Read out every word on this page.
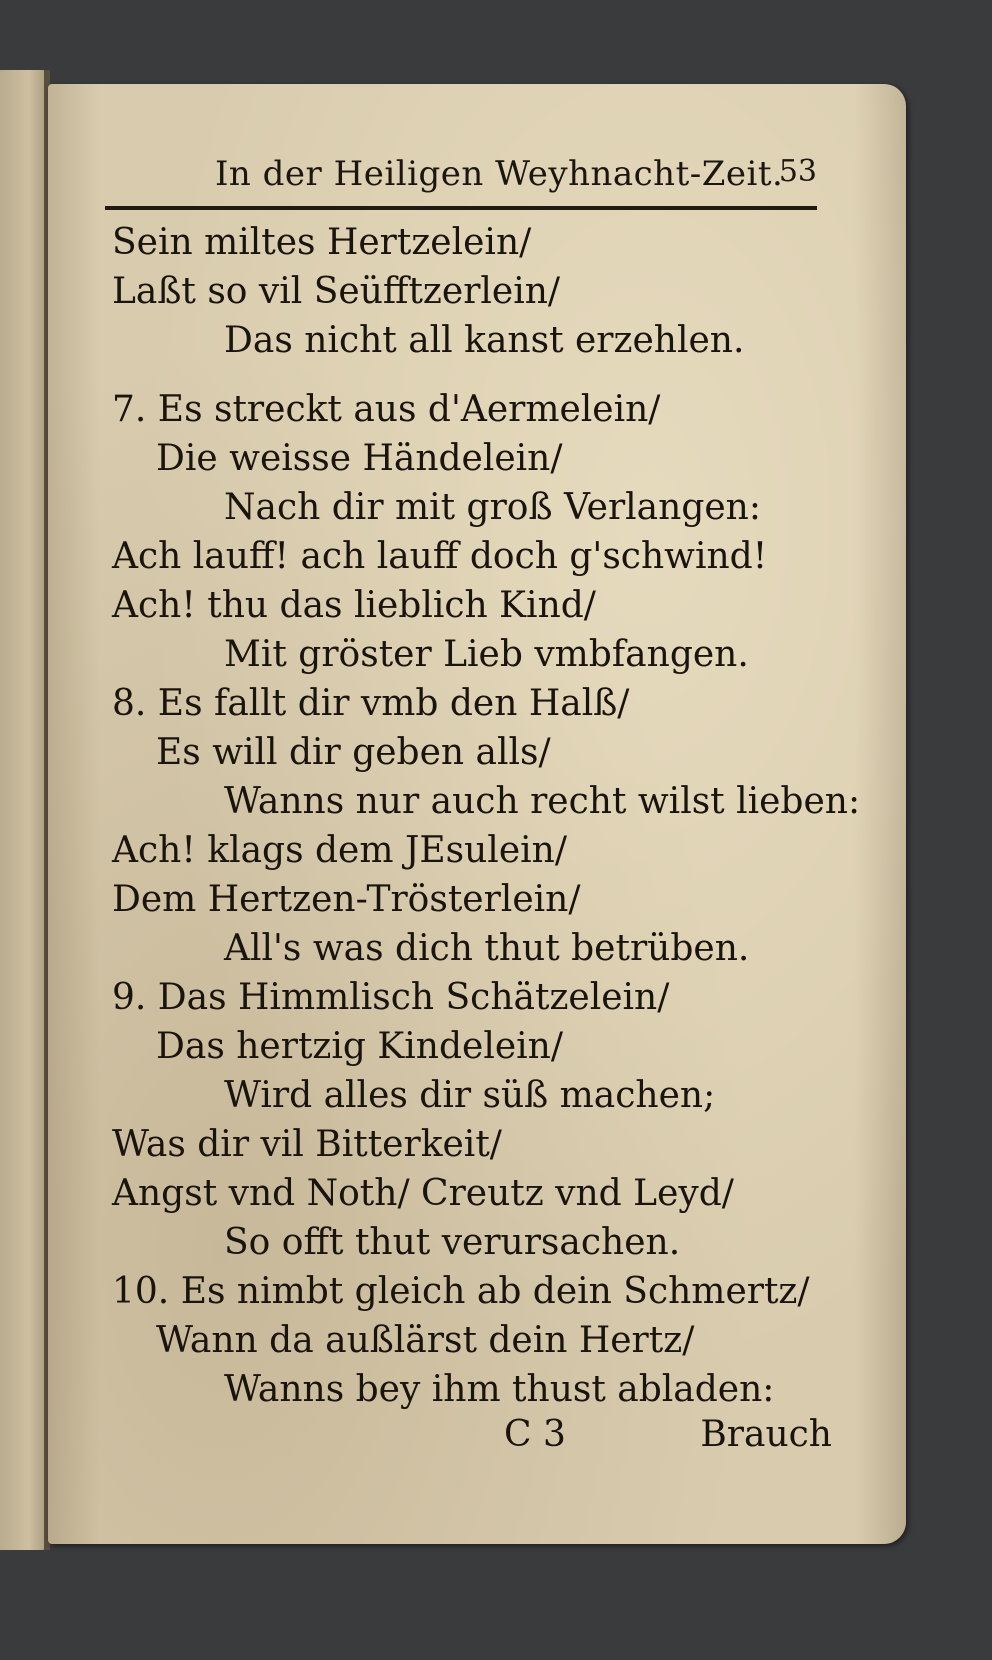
In der Heiligen Weyhnacht-Zeit.
53
Sein miltes Hertzelein/
Laßt so vil Seüfftzerlein/
Das nicht all kanst erzehlen.
7. Es streckt aus d'Aermelein/
Die weisse Händelein/
Nach dir mit groß Verlangen:
Ach lauff! ach lauff doch g'schwind!
Ach! thu das lieblich Kind/
Mit gröster Lieb vmbfangen.
8. Es fallt dir vmb den Halß/
Es will dir geben alls/
Wanns nur auch recht wilst lieben:
Ach! klags dem JEsulein/
Dem Hertzen-Trösterlein/
All's was dich thut betrüben.
9. Das Himmlisch Schätzelein/
Das hertzig Kindelein/
Wird alles dir süß machen;
Was dir vil Bitterkeit/
Angst vnd Noth/ Creutz vnd Leyd/
So offt thut verursachen.
10. Es nimbt gleich ab dein Schmertz/
Wann da außlärst dein Hertz/
Wanns bey ihm thust abladen:
C 3	Brauch
